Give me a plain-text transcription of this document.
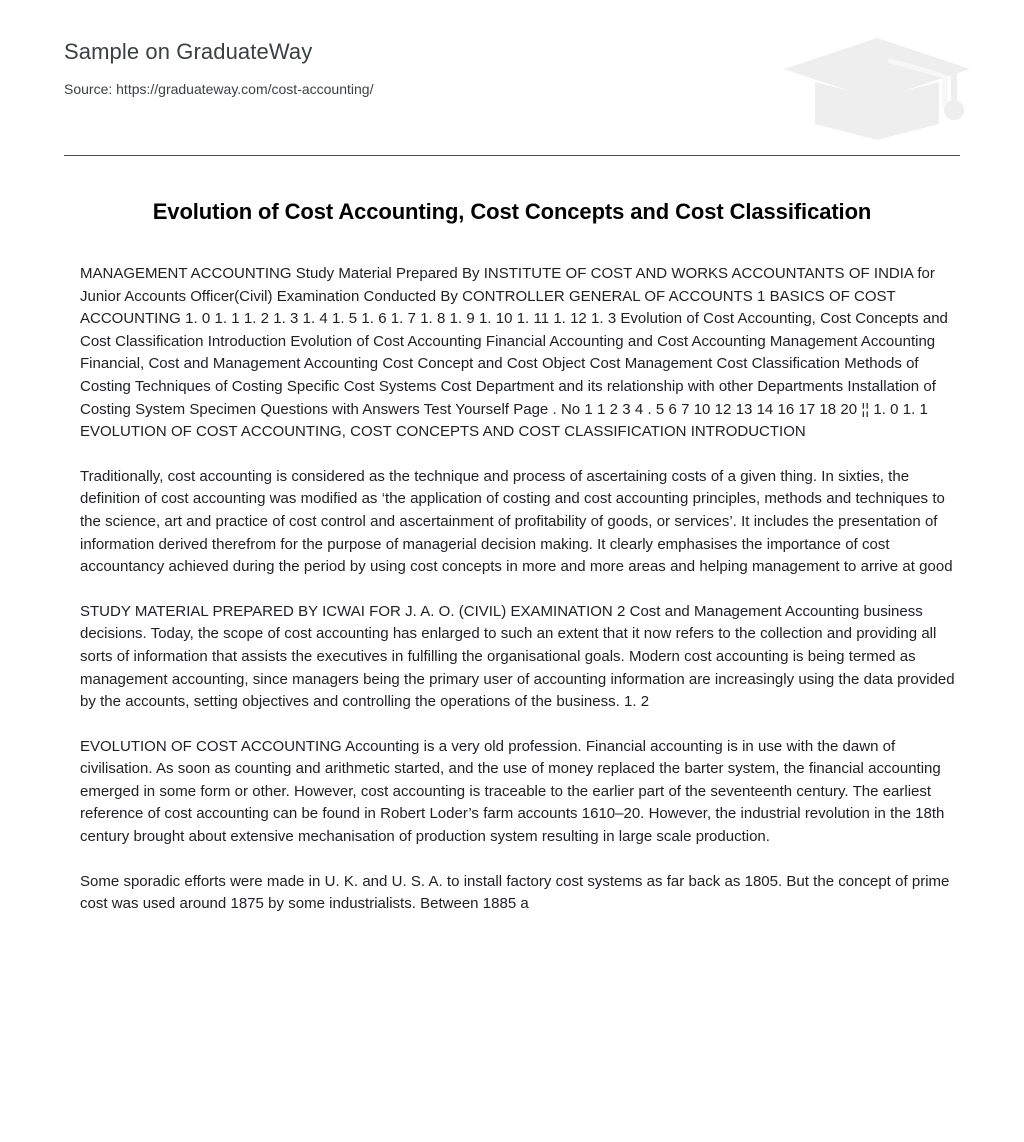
Sample on GraduateWay
Source: https://graduateway.com/cost-accounting/
Evolution of Cost Accounting, Cost Concepts and Cost Classification

MANAGEMENT ACCOUNTING Study Material Prepared By INSTITUTE OF COST AND WORKS ACCOUNTANTS OF INDIA for Junior Accounts Officer(Civil) Examination Conducted By CONTROLLER GENERAL OF ACCOUNTS 1 BASICS OF COST ACCOUNTING 1. 0 1. 1 1. 2 1. 3 1. 4 1. 5 1. 6 1. 7 1. 8 1. 9 1. 10 1. 11 1. 12 1. 3 Evolution of Cost Accounting, Cost Concepts and Cost Classification Introduction Evolution of Cost Accounting Financial Accounting and Cost Accounting Management Accounting Financial, Cost and Management Accounting Cost Concept and Cost Object Cost Management Cost Classification Methods of Costing Techniques of Costing Specific Cost Systems Cost Department and its relationship with other Departments Installation of Costing System Specimen Questions with Answers Test Yourself Page . No 1 1 2 3 4 . 5 6 7 10 12 13 14 16 17 18 20 ¦¦ 1. 0 1. 1 EVOLUTION OF COST ACCOUNTING, COST CONCEPTS AND COST CLASSIFICATION INTRODUCTION

Traditionally, cost accounting is considered as the technique and process of ascertaining costs of a given thing. In sixties, the definition of cost accounting was modified as ‘the application of costing and cost accounting principles, methods and techniques to the science, art and practice of cost control and ascertainment of profitability of goods, or services’. It includes the presentation of information derived therefrom for the purpose of managerial decision making. It clearly emphasises the importance of cost accountancy achieved during the period by using cost concepts in more and more areas and helping management to arrive at good

STUDY MATERIAL PREPARED BY ICWAI FOR J. A. O. (CIVIL) EXAMINATION 2 Cost and Management Accounting business decisions. Today, the scope of cost accounting has enlarged to such an extent that it now refers to the collection and providing all sorts of information that assists the executives in fulfilling the organisational goals. Modern cost accounting is being termed as management accounting, since managers being the primary user of accounting information are increasingly using the data provided by the accounts, setting objectives and controlling the operations of the business. 1. 2

EVOLUTION OF COST ACCOUNTING Accounting is a very old profession. Financial accounting is in use with the dawn of civilisation. As soon as counting and arithmetic started, and the use of money replaced the barter system, the financial accounting emerged in some form or other. However, cost accounting is traceable to the earlier part of the seventeenth century. The earliest reference of cost accounting can be found in Robert Loder’s farm accounts 1610–20. However, the industrial revolution in the 18th century brought about extensive mechanisation of production system resulting in large scale production.

Some sporadic efforts were made in U. K. and U. S. A. to install factory cost systems as far back as 1805. But the concept of prime cost was used around 1875 by some industrialists. Between 1885 a
